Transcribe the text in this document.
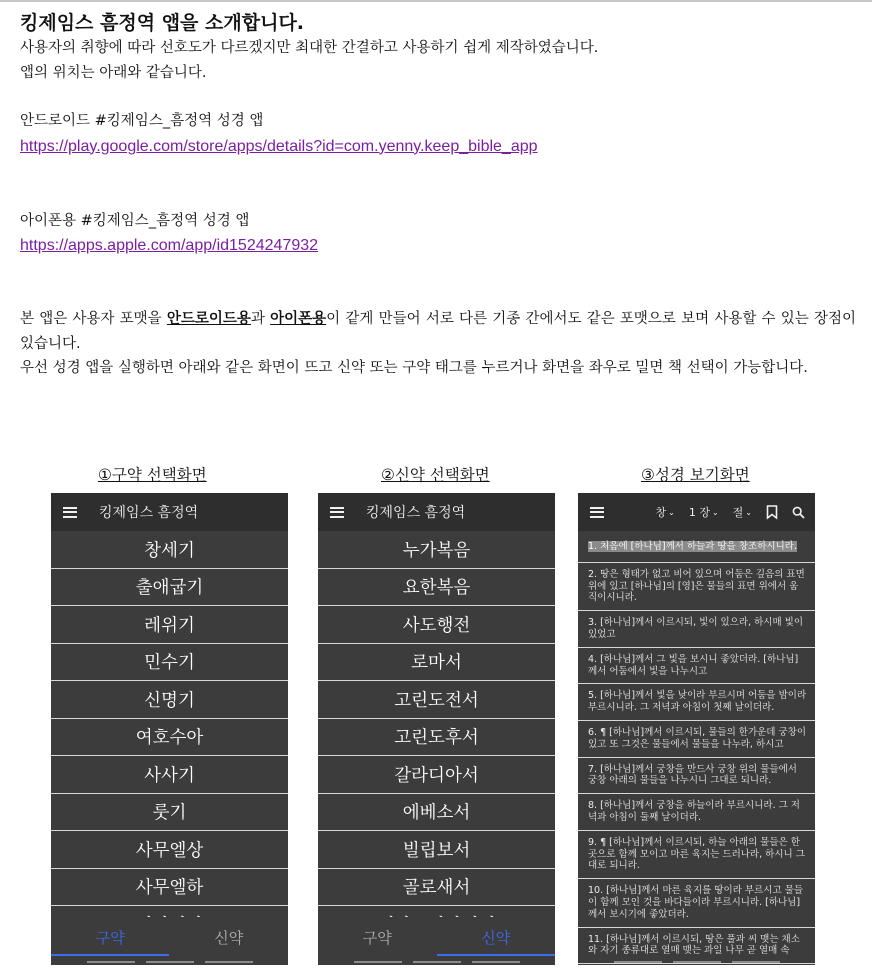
킹제임스 흠정역 앱을 소개합니다.
사용자의 취향에 따라 선호도가 다르겠지만 최대한 간결하고 사용하기 쉽게 제작하였습니다.
앱의 위치는 아래와 같습니다.
안드로이드 #킹제임스_흠정역 성경 앱
https://play.google.com/store/apps/details?id=com.yenny.keep_bible_app
아이폰용 #킹제임스_흠정역 성경 앱
https://apps.apple.com/app/id1524247932
본 앱은 사용자 포맷을 안드로이드용과 아이폰용이 같게 만들어 서로 다른 기종 간에서도 같은 포맷으로 보며 사용할 수 있는 장점이 있습니다.
우선 성경 앱을 실행하면 아래와 같은 화면이 뜨고 신약 또는 구약 태그를 누르거나 화면을 좌우로 밀면 책 선택이 가능합니다.
①구약 선택화면	②신약 선택화면	③성경 보기화면
킹제임스 흠정역
창세기
출애굽기
레위기
민수기
신명기
여호수아
사사기
룻기
사무엘상
사무엘하
구약	신약
킹제임스 흠정역
누가복음
요한복음
사도행전
로마서
고린도전서
고린도후서
갈라디아서
에베소서
빌립보서
골로새서
구약	신약
창 ⌄ 1 장 ⌄ 절 ⌄
1. 처음에 [하나님]께서 하늘과 땅을 창조하시니라.
2. 땅은 형태가 없고 비어 있으며 어둠은 깊음의 표면 위에 있고 [하나님]의 [영]은 물들의 표면 위에서 움직이시니라.
3. [하나님]께서 이르시되, 빛이 있으라, 하시매 빛이 있었고
4. [하나님]께서 그 빛을 보시니 좋았더라. [하나님]께서 어둠에서 빛을 나누시고
5. [하나님]께서 빛을 낮이라 부르시며 어둠을 밤이라 부르시니라. 그 저녁과 아침이 첫째 날이더라.
6. ¶ [하나님]께서 이르시되, 물들의 한가운데 궁창이 있고 또 그것은 물들에서 물들을 나누라, 하시고
7. [하나님]께서 궁창을 만드사 궁창 위의 물들에서 궁창 아래의 물들을 나누시니 그대로 되니라.
8. [하나님]께서 궁창을 하늘이라 부르시니라. 그 저녁과 아침이 둘째 날이더라.
9. ¶ [하나님]께서 이르시되, 하늘 아래의 물들은 한 곳으로 함께 모이고 마른 육지는 드러나라, 하시니 그대로 되니라.
10. [하나님]께서 마른 육지를 땅이라 부르시고 물들이 함께 모인 것을 바다들이라 부르시니라. [하나님]께서 보시기에 좋았더라.
11. [하나님]께서 이르시되, 땅은 풀과 씨 맺는 채소와 자기 종류대로 열매 맺는 과일 나무 곧 열매 속
